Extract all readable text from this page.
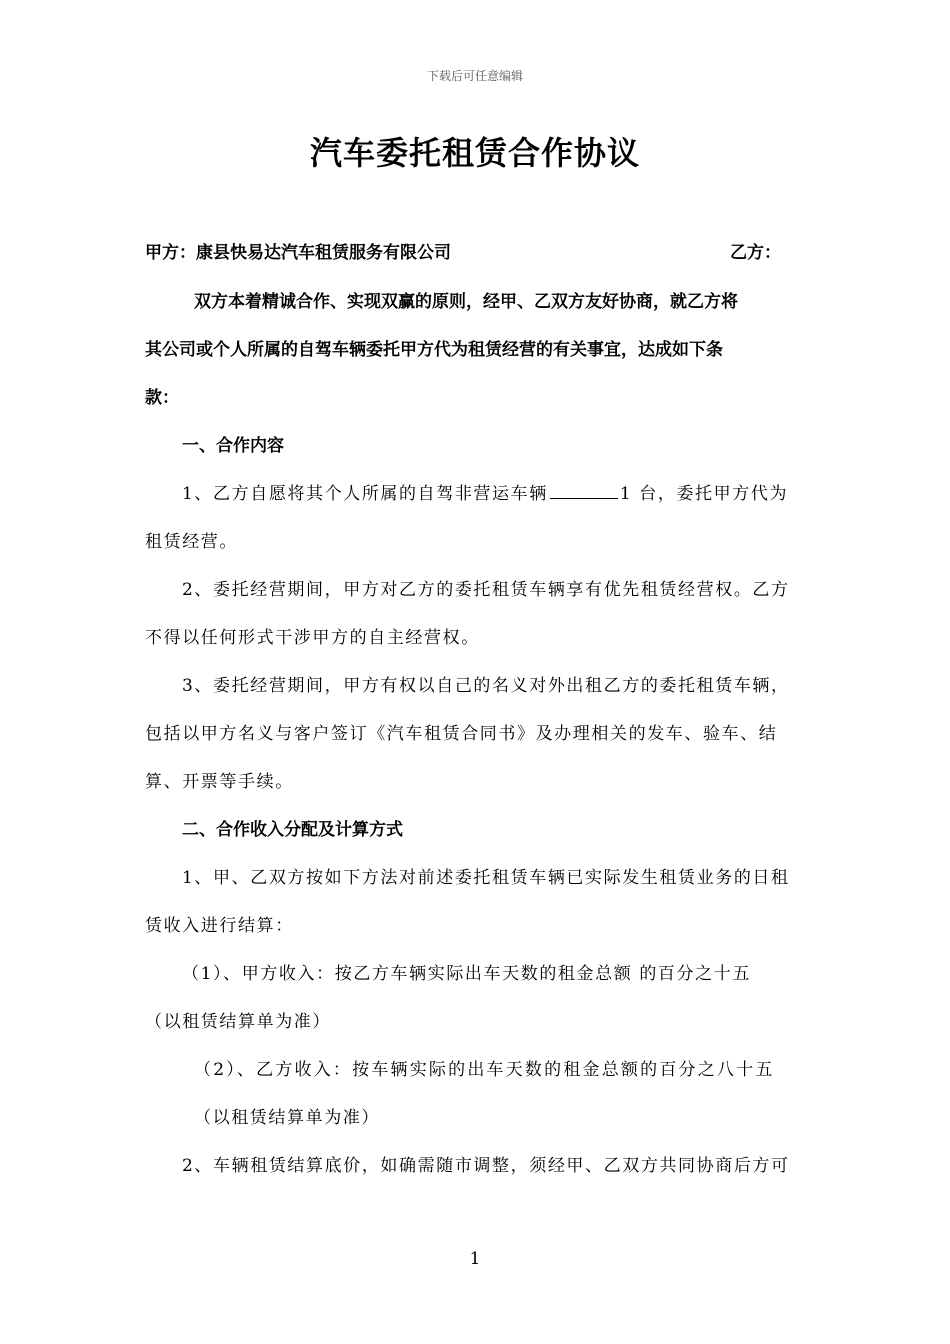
下载后可任意编辑
汽车委托租赁合作协议
甲方：康县快易达汽车租赁服务有限公司	乙方：
双方本着精诚合作、实现双赢的原则，经甲、乙双方友好协商，就乙方将
其公司或个人所属的自驾车辆委托甲方代为租赁经营的有关事宜，达成如下条
款：
一、合作内容
1、乙方自愿将其个人所属的自驾非营运车辆	1 台，委托甲方代为
租赁经营。
2、委托经营期间，甲方对乙方的委托租赁车辆享有优先租赁经营权。乙方
不得以任何形式干涉甲方的自主经营权。
3、委托经营期间，甲方有权以自己的名义对外出租乙方的委托租赁车辆，
包括以甲方名义与客户签订《汽车租赁合同书》及办理相关的发车、验车、结
算、开票等手续。
二、合作收入分配及计算方式
1、甲、乙双方按如下方法对前述委托租赁车辆已实际发生租赁业务的日租
赁收入进行结算：
（1）、甲方收入：按乙方车辆实际出车天数的租金总额 的百分之十五
（以租赁结算单为准）
（2）、乙方收入：按车辆实际的出车天数的租金总额的百分之八十五
（以租赁结算单为准）
2、车辆租赁结算底价，如确需随市调整，须经甲、乙双方共同协商后方可
1
